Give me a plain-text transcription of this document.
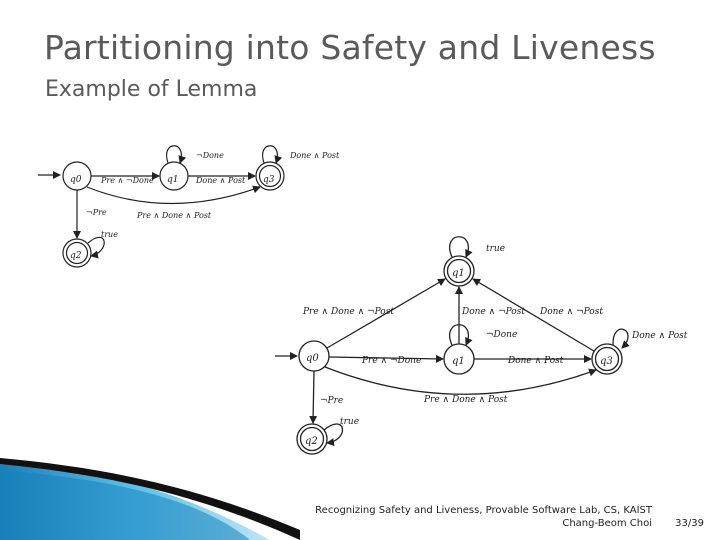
Partitioning into Safety and Liveness
Example of Lemma
q0	q1	q3
q2
Pre ∧ ¬Done
¬Done
Done ∧ Post
Done ∧ Post
Pre ∧ Done ∧ Post
¬Pre
true
q1
q0	q1	q3
q2
true
Pre ∧ Done ∧ ¬Post	Done ∧ ¬Post Done ∧ ¬Post
¬Done
Pre ∧ ¬Done	Done ∧ Post
Done ∧ Post
Pre ∧ Done ∧ Post
¬Pre
true
Recognizing Safety and Liveness, Provable Software Lab, CS, KAIST
Chang-Beom Choi 33/39
